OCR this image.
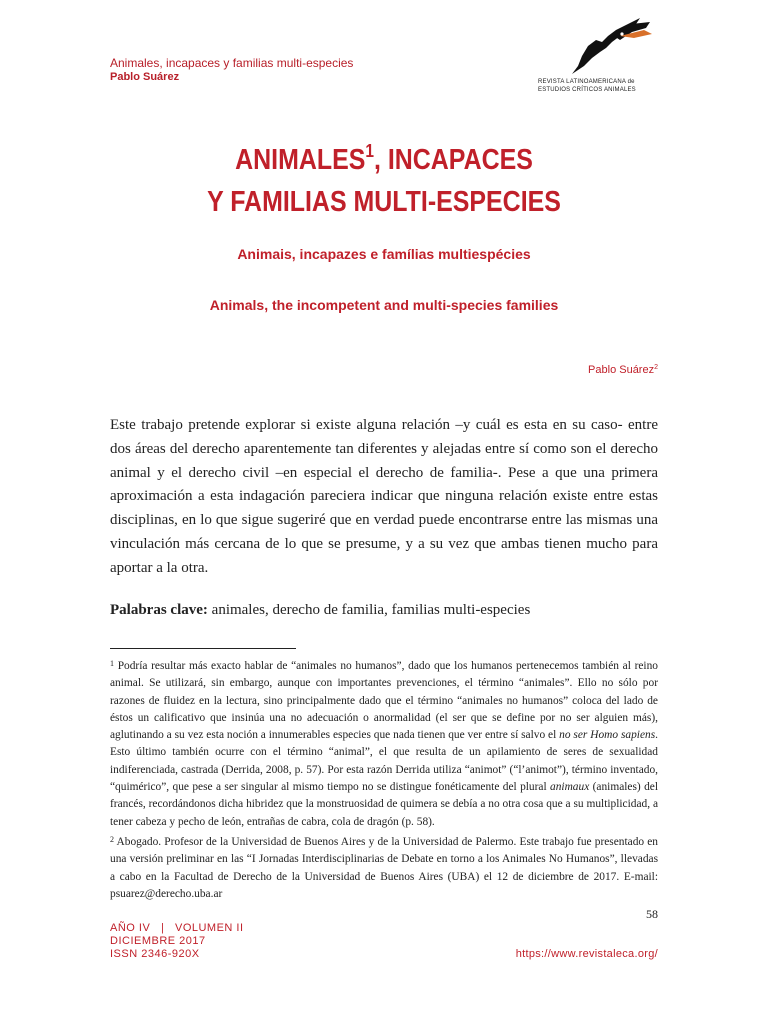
Animales, incapaces y familias multi-especies
Pablo Suárez	REVISTA LATINOAMERICANA de
ESTUDIOS CRÍTICOS ANIMALES
ANIMALES$^1$, INCAPACES
Y FAMILIAS MULTI-ESPECIES
Animais, incapazes e famílias multiespécies
Animals, the incompetent and multi-species families
Pablo Suárez$^2$

Este trabajo pretende explorar si existe alguna relación –y cuál es esta en su caso- entre dos áreas del derecho aparentemente tan diferentes y alejadas entre sí como son el derecho animal y el derecho civil –en especial el derecho de familia-. Pese a que una primera aproximación a esta indagación pareciera indicar que ninguna relación existe entre estas disciplinas, en lo que sigue sugeriré que en verdad puede encontrarse entre las mismas una vinculación más cercana de lo que se presume, y a su vez que ambas tienen mucho para aportar a la otra.

Palabras clave: animales, derecho de familia, familias multi-especies

$^1$ Podría resultar más exacto hablar de “animales no humanos”, dado que los humanos pertenecemos también al reino animal. Se utilizará, sin embargo, aunque con importantes prevenciones, el término “animales”. Ello no sólo por razones de fluidez en la lectura, sino principalmente dado que el término “animales no humanos” coloca del lado de éstos un calificativo que insinúa una no adecuación o anormalidad (el ser que se define por no ser alguien más), aglutinando a su vez esta noción a innumerables especies que nada tienen que ver entre sí salvo el no ser Homo sapiens. Esto último también ocurre con el término “animal”, el que resulta de un apilamiento de seres de sexualidad indiferenciada, castrada (Derrida, 2008, p. 57). Por esta razón Derrida utiliza “animot” (“l’animot”), término inventado, “quimérico”, que pese a ser singular al mismo tiempo no se distingue fonéticamente del plural animaux (animales) del francés, recordándonos dicha hibridez que la monstruosidad de quimera se debía a no otra cosa que a su multiplicidad, a tener cabeza y pecho de león, entrañas de cabra, cola de dragón (p. 58).

$^2$ Abogado. Profesor de la Universidad de Buenos Aires y de la Universidad de Palermo. Este trabajo fue presentado en una versión preliminar en las “I Jornadas Interdisciplinarias de Debate en torno a los Animales No Humanos”, llevadas a cabo en la Facultad de Derecho de la Universidad de Buenos Aires (UBA) el 12 de diciembre de 2017. E-mail: psuarez@derecho.uba.ar

58
AÑO IV   |   VOLUMEN II
DICIEMBRE 2017
ISSN 2346-920X	https://www.revistaleca.org/
